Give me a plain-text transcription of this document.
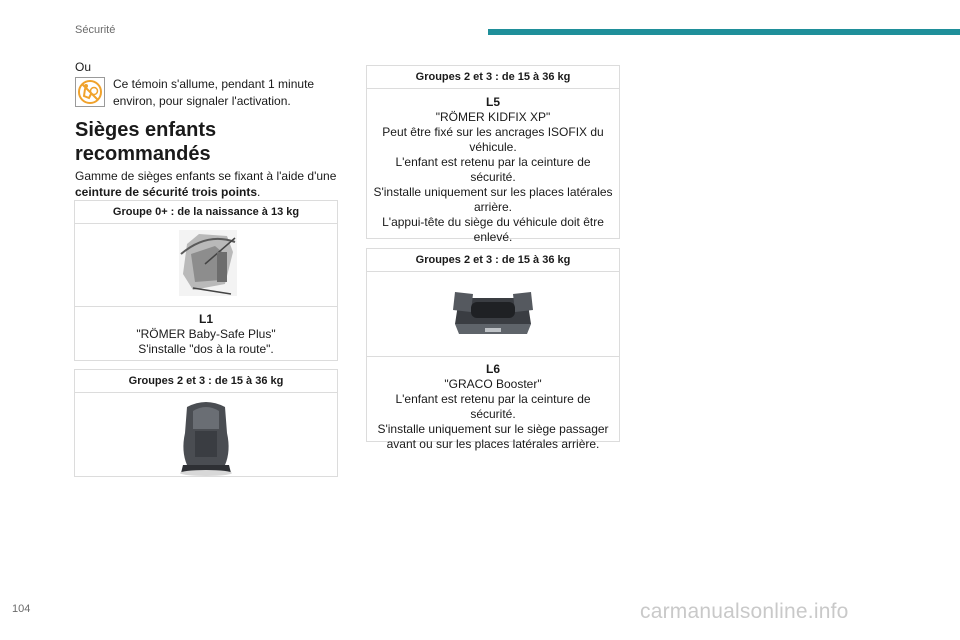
Sécurité
Ou
Ce témoin s'allume, pendant 1 minute environ, pour signaler l'activation.
Sièges enfants recommandés
Gamme de sièges enfants se fixant à l'aide d'une ceinture de sécurité trois points.
Groupe 0+ : de la naissance à 13 kg

L1

"RÖMER Baby-Safe Plus"

S'installe "dos à la route".

Groupes 2 et 3 : de 15 à 36 kg
Groupes 2 et 3 : de 15 à 36 kg

L5

"RÖMER KIDFIX XP"

Peut être fixé sur les ancrages ISOFIX du véhicule.

L'enfant est retenu par la ceinture de sécurité.

S'installe uniquement sur les places latérales arrière.

L'appui-tête du siège du véhicule doit être enlevé.

Groupes 2 et 3 : de 15 à 36 kg

L6

"GRACO Booster"

L'enfant est retenu par la ceinture de sécurité.

S'installe uniquement sur le siège passager avant ou sur les places latérales arrière.

104	carmanualsonline.info
